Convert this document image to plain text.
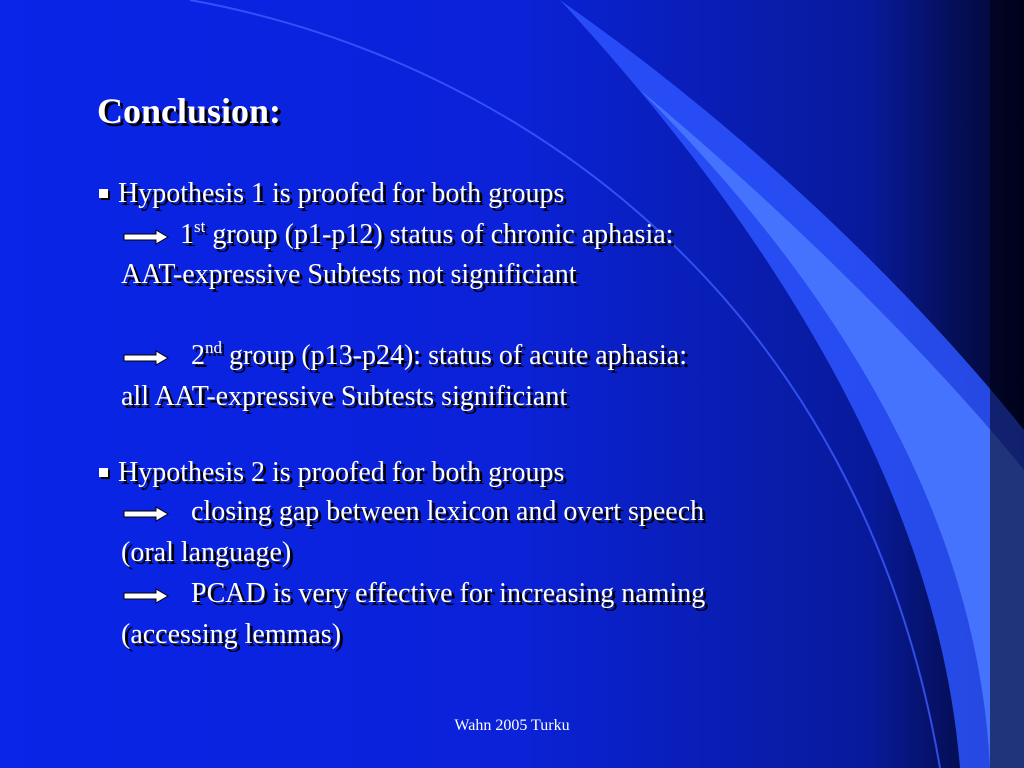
Conclusion:
Hypothesis 1 is proofed for both groups
1st group (p1-p12) status of chronic aphasia:
AAT-expressive Subtests not significiant
2nd group (p13-p24): status of acute aphasia:
all AAT-expressive Subtests significiant
Hypothesis 2 is proofed for both groups
closing gap between lexicon and overt speech
(oral language)
PCAD is very effective for increasing naming
(accessing lemmas)
Wahn 2005 Turku
